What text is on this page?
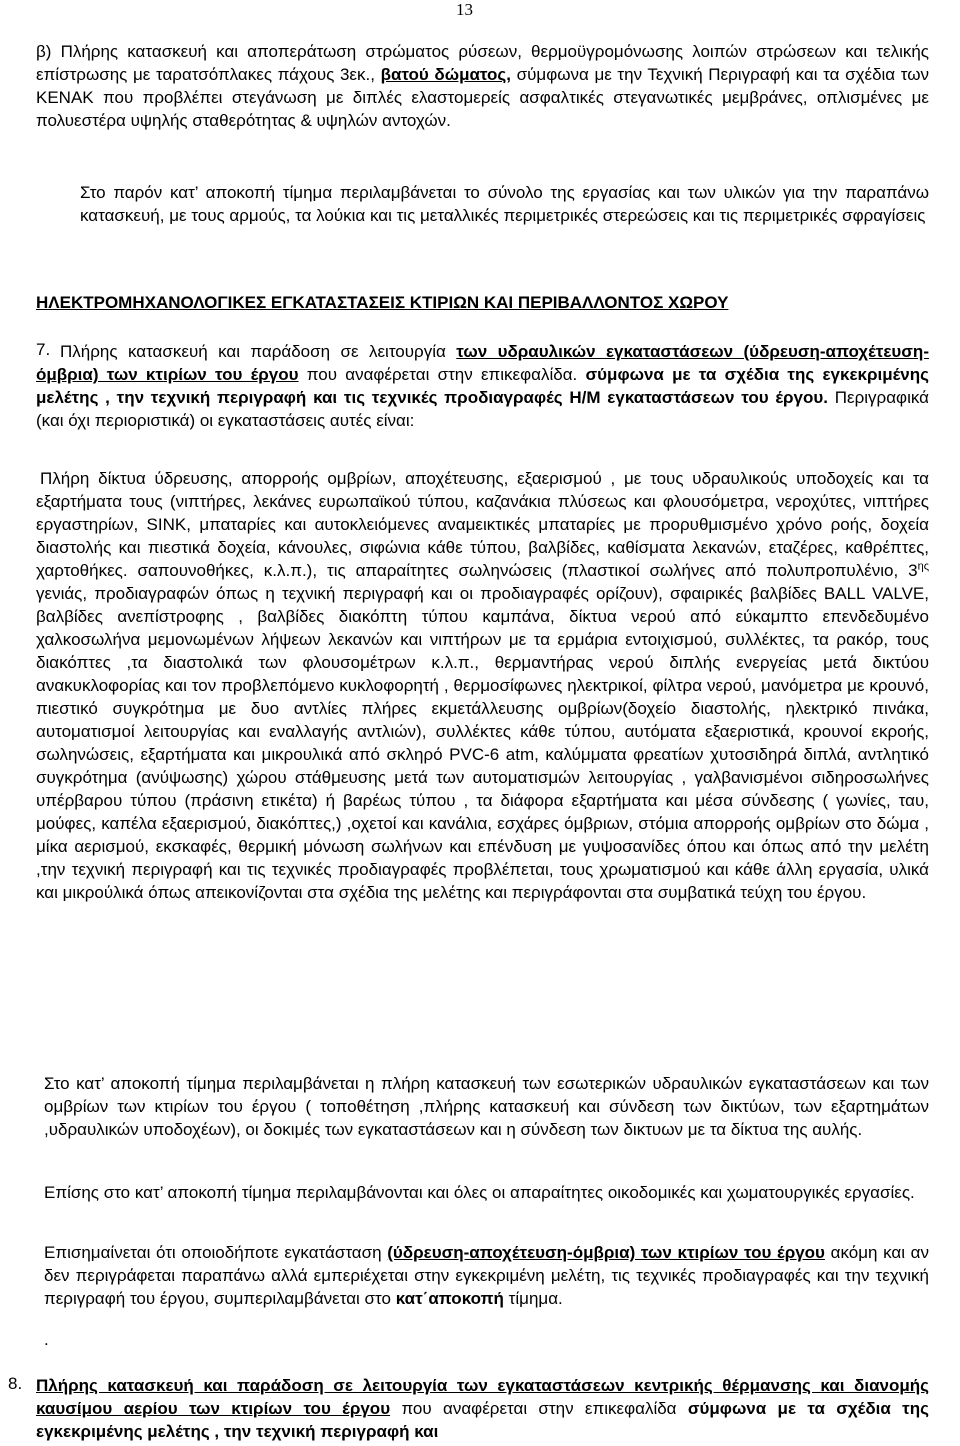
13

β) Πλήρης κατασκευή και αποπεράτωση στρώματος ρύσεων, θερμοϋγρομόνωσης λοιπών στρώσεων και τελικής επίστρωσης με ταρατσόπλακες πάχους 3εκ., βατού δώματος, σύμφωνα με την Τεχνική Περιγραφή και τα σχέδια των ΚΕΝΑΚ που προβλέπει στεγάνωση με διπλές ελαστομερείς ασφαλτικές στεγανωτικές μεμβράνες, οπλισμένες με πολυεστέρα υψηλής σταθερότητας & υψηλών αντοχών.

Στο παρόν κατ’ αποκοπή τίμημα περιλαμβάνεται το σύνολο της εργασίας και των υλικών για την παραπάνω κατασκευή, με τους αρμούς, τα λούκια και τις μεταλλικές περιμετρικές στερεώσεις και τις περιμετρικές σφραγίσεις

ΗΛΕΚΤΡΟΜΗΧΑΝΟΛΟΓΙΚΕΣ ΕΓΚΑΤΑΣΤΑΣΕΙΣ ΚΤΙΡΙΩΝ ΚΑΙ ΠΕΡΙΒΑΛΛΟΝΤΟΣ ΧΩΡΟΥ
7. Πλήρης κατασκευή και παράδοση σε λειτουργία των υδραυλικών εγκαταστάσεων (ύδρευση-αποχέτευση-όμβρια) των κτιρίων του έργου που αναφέρεται στην επικεφαλίδα. σύμφωνα με τα σχέδια της εγκεκριμένης μελέτης , την τεχνική περιγραφή και τις τεχνικές προδιαγραφές Η/Μ εγκαταστάσεων του έργου. Περιγραφικά (και όχι περιοριστικά) οι εγκαταστάσεις αυτές είναι:

Πλήρη δίκτυα ύδρευσης, απορροής ομβρίων, αποχέτευσης, εξαερισμού , με τους υδραυλικούς υποδοχείς και τα εξαρτήματα τους (νιπτήρες, λεκάνες ευρωπαϊκού τύπου, καζανάκια πλύσεως και φλουσόμετρα, νεροχύτες, νιπτήρες εργαστηρίων, SINK, μπαταρίες και αυτοκλειόμενες αναμεικτικές μπαταρίες με προρυθμισμένο χρόνο ροής, δοχεία διαστολής και πιεστικά δοχεία, κάνουλες, σιφώνια κάθε τύπου, βαλβίδες, καθίσματα λεκανών, εταζέρες, καθρέπτες, χαρτοθήκες. σαπουνοθήκες, κ.λ.π.), τις απαραίτητες σωληνώσεις (πλαστικοί σωλήνες από πολυπροπυλένιο, $3^{\eta\varsigma}$ γενιάς, προδιαγραφών όπως η τεχνική περιγραφή και οι προδιαγραφές ορίζουν), σφαιρικές βαλβίδες BALL VALVE, βαλβίδες ανεπίστροφης , βαλβίδες διακόπτη τύπου καμπάνα, δίκτυα νερού από εύκαμπτο επενδεδυμένο χαλκοσωλήνα μεμονωμένων λήψεων λεκανών και νιπτήρων με τα ερμάρια εντοιχισμού, συλλέκτες, τα ρακόρ, τους διακόπτες ,τα διαστολικά των φλουσομέτρων κ.λ.π., θερμαντήρας νερού διπλής ενεργείας μετά δικτύου ανακυκλοφορίας και τον προβλεπόμενο κυκλοφορητή , θερμοσίφωνες ηλεκτρικοί, φίλτρα νερού, μανόμετρα με κρουνό, πιεστικό συγκρότημα με δυο αντλίες πλήρες εκμετάλλευσης ομβρίων(δοχείο διαστολής, ηλεκτρικό πινάκα, αυτοματισμοί λειτουργίας και εναλλαγής αντλιών), συλλέκτες κάθε τύπου, αυτόματα εξαεριστικά, κρουνοί εκροής, σωληνώσεις, εξαρτήματα και μικρουλικά από σκληρό PVC-6 atm, καλύμματα φρεατίων χυτοσιδηρά διπλά, αντλητικό συγκρότημα (ανύψωσης) χώρου στάθμευσης μετά των αυτοματισμών λειτουργίας , γαλβανισμένοι σιδηροσωλήνες υπέρβαρου τύπου (πράσινη ετικέτα) ή βαρέως τύπου , τα διάφορα εξαρτήματα και μέσα σύνδεσης ( γωνίες, ταυ, μούφες, καπέλα εξαερισμού, διακόπτες,) ,οχετοί και κανάλια, εσχάρες όμβριων, στόμια απορροής ομβρίων στο δώμα , μίκα αερισμού, εκσκαφές, θερμική μόνωση σωλήνων και επένδυση με γυψοσανίδες όπου και όπως από την μελέτη ,την τεχνική περιγραφή και τις τεχνικές προδιαγραφές προβλέπεται, τους χρωματισμού και κάθε άλλη εργασία, υλικά και μικρούλικά όπως απεικονίζονται στα σχέδια της μελέτης και περιγράφονται στα συμβατικά τεύχη του έργου.

Στο κατ’ αποκοπή τίμημα περιλαμβάνεται η πλήρη κατασκευή των εσωτερικών υδραυλικών εγκαταστάσεων και των ομβρίων των κτιρίων του έργου ( τοποθέτηση ,πλήρης κατασκευή και σύνδεση των δικτύων, των εξαρτημάτων ,υδραυλικών υποδοχέων), οι δοκιμές των εγκαταστάσεων και η σύνδεση των δικτυων με τα δίκτυα της αυλής.

Επίσης στο κατ’ αποκοπή τίμημα περιλαμβάνονται και όλες οι απαραίτητες οικοδομικές και χωματουργικές εργασίες.

Επισημαίνεται ότι οποιοδήποτε εγκατάσταση (ύδρευση-αποχέτευση-όμβρια) των κτιρίων του έργου ακόμη και αν δεν περιγράφεται παραπάνω αλλά εμπεριέχεται στην εγκεκριμένη μελέτη, τις τεχνικές προδιαγραφές και την τεχνική περιγραφή του έργου, συμπεριλαμβάνεται στο κατ΄αποκοπή τίμημα.

.
8. Πλήρης κατασκευή και παράδοση σε λειτουργία των εγκαταστάσεων κεντρικής θέρμανσης και διανομής καυσίμου αερίου των κτιρίων του έργου που αναφέρεται στην επικεφαλίδα σύμφωνα με τα σχέδια της εγκεκριμένης μελέτης , την τεχνική περιγραφή και
